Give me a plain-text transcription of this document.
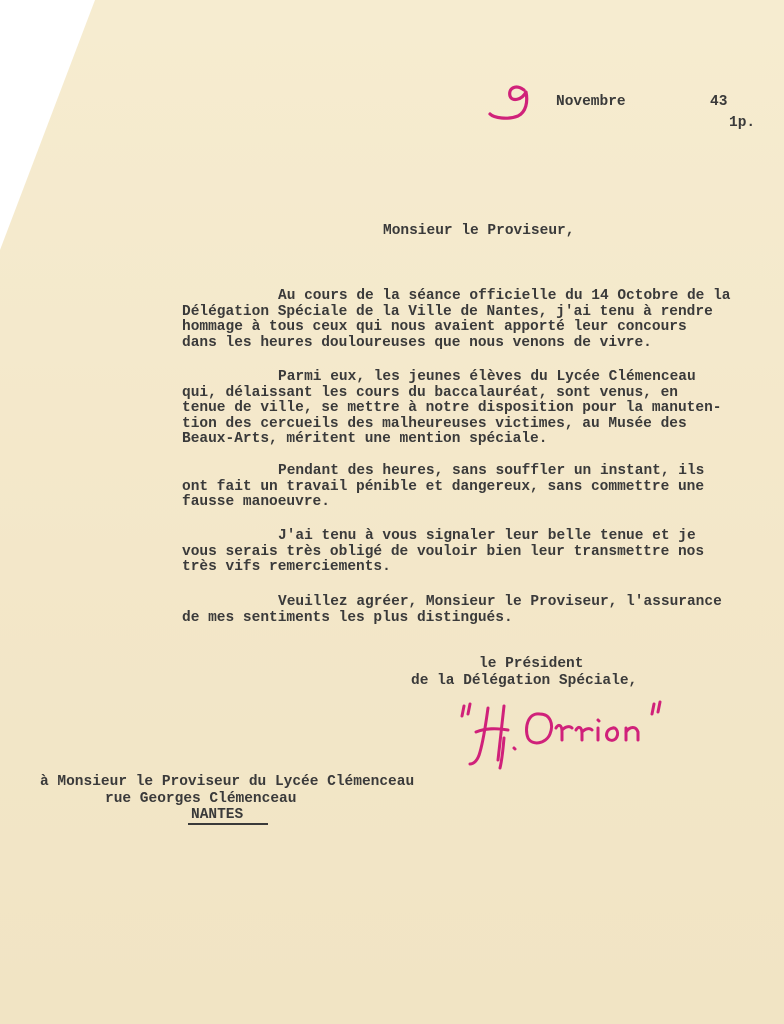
9

Novembre	43

1p.

Monsieur le Proviseur,

Au cours de la séance officielle du 14 Octobre de la
Délégation Spéciale de la Ville de Nantes, j'ai tenu à rendre
hommage à tous ceux qui nous avaient apporté leur concours
dans les heures douloureuses que nous venons de vivre.
Parmi eux, les jeunes élèves du Lycée Clémenceau
qui, délaissant les cours du baccalauréat, sont venus, en
tenue de ville, se mettre à notre disposition pour la manuten-
tion des cercueils des malheureuses victimes, au Musée des
Beaux-Arts, méritent une mention spéciale.
Pendant des heures, sans souffler un instant, ils
ont fait un travail pénible et dangereux, sans commettre une
fausse manoeuvre.
J'ai tenu à vous signaler leur belle tenue et je
vous serais très obligé de vouloir bien leur transmettre nos
très vifs remerciements.
Veuillez agréer, Monsieur le Proviseur, l'assurance
de mes sentiments les plus distingués.

le Président

de la Délégation Spéciale,

à Monsieur le Proviseur du Lycée Clémenceau

rue Georges Clémenceau

NANTES
